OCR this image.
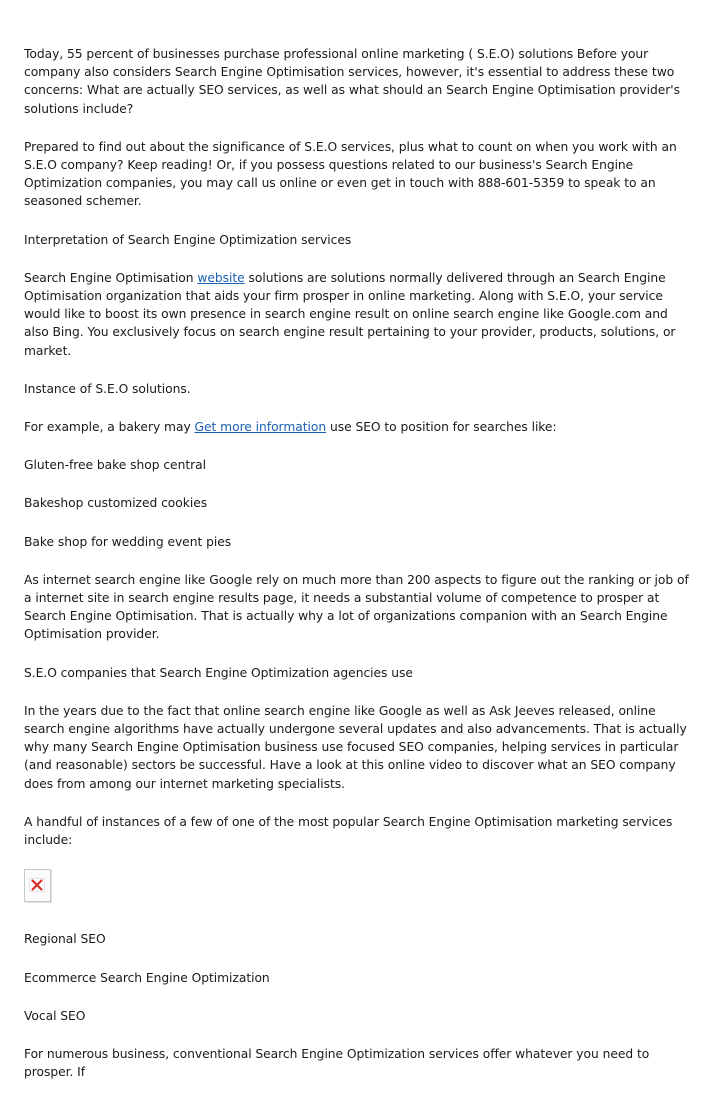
Today, 55 percent of businesses purchase professional online marketing ( S.E.O) solutions Before your company also considers Search Engine Optimisation services, however, it's essential to address these two concerns: What are actually SEO services, as well as what should an Search Engine Optimisation provider's solutions include?

Prepared to find out about the significance of S.E.O services, plus what to count on when you work with an S.E.O company? Keep reading! Or, if you possess questions related to our business's Search Engine Optimization companies, you may call us online or even get in touch with 888-601-5359 to speak to an seasoned schemer.

Interpretation of Search Engine Optimization services

Search Engine Optimisation website solutions are solutions normally delivered through an Search Engine Optimisation organization that aids your firm prosper in online marketing. Along with S.E.O, your service would like to boost its own presence in search engine result on online search engine like Google.com and also Bing. You exclusively focus on search engine result pertaining to your provider, products, solutions, or market.

Instance of S.E.O solutions.

For example, a bakery may Get more information use SEO to position for searches like:

Gluten-free bake shop central

Bakeshop customized cookies

Bake shop for wedding event pies

As internet search engine like Google rely on much more than 200 aspects to figure out the ranking or job of a internet site in search engine results page, it needs a substantial volume of competence to prosper at Search Engine Optimisation. That is actually why a lot of organizations companion with an Search Engine Optimisation provider.

S.E.O companies that Search Engine Optimization agencies use

In the years due to the fact that online search engine like Google as well as Ask Jeeves released, online search engine algorithms have actually undergone several updates and also advancements. That is actually why many Search Engine Optimisation business use focused SEO companies, helping services in particular (and reasonable) sectors be successful. Have a look at this online video to discover what an SEO company does from among our internet marketing specialists.

A handful of instances of a few of one of the most popular Search Engine Optimisation marketing services include:

Regional SEO

Ecommerce Search Engine Optimization

Vocal SEO

For numerous business, conventional Search Engine Optimization services offer whatever you need to prosper. If
